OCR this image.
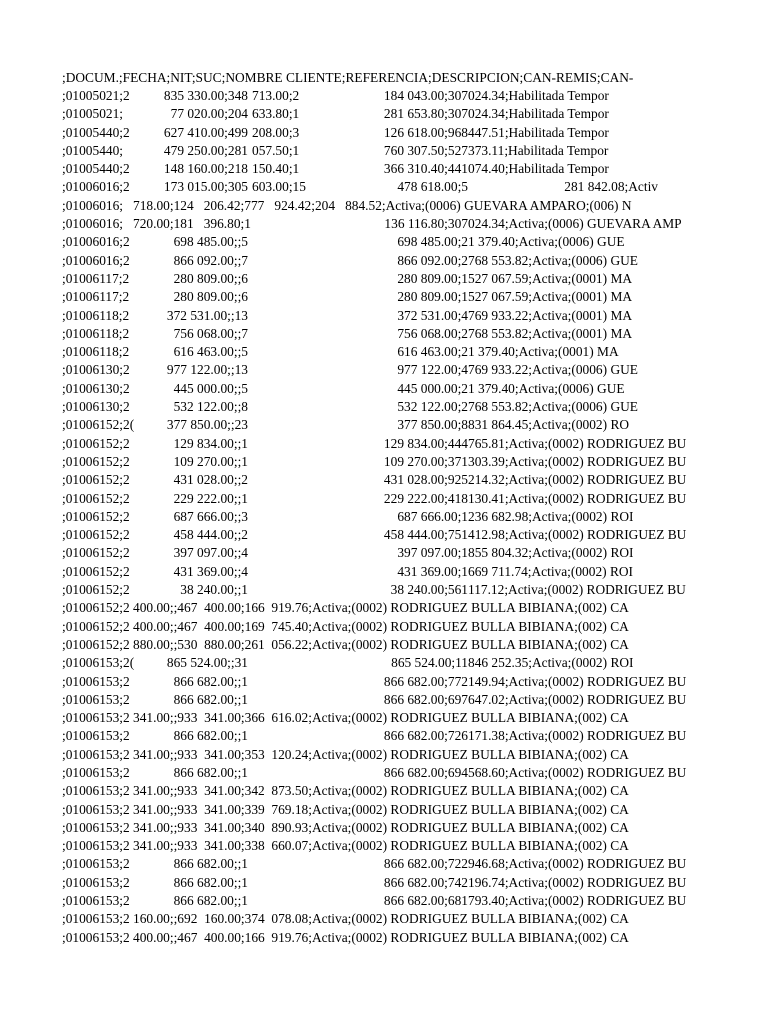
;DOCUM.;FECHA;NIT;SUC;NOMBRE CLIENTE;REFERENCIA;DESCRIPCION;CAN-REMIS;CAN-
;01005021;2	835 330.00;348 713.00;2	184 043.00;307 024.34;Habilitada Tempor
;01005021;	77 020.00;204 633.80;1	281 653.80;307 024.34;Habilitada Tempor
;01005440;2	627 410.00;499 208.00;3	126 618.00;968 447.51;Habilitada Tempor
;01005440;	479 250.00;281 057.50;1	760 307.50;527 373.11;Habilitada Tempor
;01005440;2	148 160.00;218 150.40;1	366 310.40;441 074.40;Habilitada Tempor
;01006016;2	173 015.00;305 603.00;15	478 618.00;5	281 842.08;Activ
;01006016;   718.00;124   206.42;777   924.42;204   884.52;Activa;(0006) GUEVARA AMPARO;(006) N
;01006016;   720.00;181   396.80;1	136 116.80;307 024.34;Activa;(0006) GUEVARA AMP
;01006016;2	698 485.00;;5	698 485.00;2 1 379.40;Activa;(0006) GUE
;01006016;2	866 092.00;;7	866 092.00;2 768 553.82;Activa;(0006) GUE
;01006117;2	280 809.00;;6	280 809.00;1 527 067.59;Activa;(0001) MA
;01006117;2	280 809.00;;6	280 809.00;1 527 067.59;Activa;(0001) MA
;01006118;2	372 531.00;;13	372 531.00;4 769 933.22;Activa;(0001) MA
;01006118;2	756 068.00;;7	756 068.00;2 768 553.82;Activa;(0001) MA
;01006118;2	616 463.00;;5	616 463.00;2 1 379.40;Activa;(0001) MA
;01006130;2	977 122.00;;13	977 122.00;4 769 933.22;Activa;(0006) GUE
;01006130;2	445 000.00;;5	445 000.00;2 1 379.40;Activa;(0006) GUE
;01006130;2	532 122.00;;8	532 122.00;2 768 553.82;Activa;(0006) GUE
;01006152;2(	377 850.00;;23	377 850.00;8 831 864.45;Activa;(0002) RO
;01006152;2	129 834.00;;1	129 834.00;444 765.81;Activa;(0002) RODRIGUEZ BU
;01006152;2	109 270.00;;1	109 270.00;371 303.39;Activa;(0002) RODRIGUEZ BU
;01006152;2	431 028.00;;2	431 028.00;925 214.32;Activa;(0002) RODRIGUEZ BU
;01006152;2	229 222.00;;1	229 222.00;418 130.41;Activa;(0002) RODRIGUEZ BU
;01006152;2	687 666.00;;3	687 666.00;1 236 682.98;Activa;(0002) ROI
;01006152;2	458 444.00;;2	458 444.00;751 412.98;Activa;(0002) RODRIGUEZ BU
;01006152;2	397 097.00;;4	397 097.00;1 855 804.32;Activa;(0002) ROI
;01006152;2	431 369.00;;4	431 369.00;1 669 711.74;Activa;(0002) ROI
;01006152;2	38 240.00;;1	38 240.00;561 117.12;Activa;(0002) RODRIGUEZ BU
;01006152;2 400.00;;467  400.00;166  919.76;Activa;(0002) RODRIGUEZ BULLA BIBIANA;(002) CA
;01006152;2 400.00;;467  400.00;169  745.40;Activa;(0002) RODRIGUEZ BULLA BIBIANA;(002) CA
;01006152;2 880.00;;530  880.00;261  056.22;Activa;(0002) RODRIGUEZ BULLA BIBIANA;(002) CA
;01006153;2(	865 524.00;;31	865 524.00;11 846 252.35;Activa;(0002) ROI
;01006153;2	866 682.00;;1	866 682.00;772 149.94;Activa;(0002) RODRIGUEZ BU
;01006153;2	866 682.00;;1	866 682.00;697 647.02;Activa;(0002) RODRIGUEZ BU
;01006153;2 341.00;;933  341.00;366  616.02;Activa;(0002) RODRIGUEZ BULLA BIBIANA;(002) CA
;01006153;2	866 682.00;;1	866 682.00;726 171.38;Activa;(0002) RODRIGUEZ BU
;01006153;2 341.00;;933  341.00;353  120.24;Activa;(0002) RODRIGUEZ BULLA BIBIANA;(002) CA
;01006153;2	866 682.00;;1	866 682.00;694 568.60;Activa;(0002) RODRIGUEZ BU
;01006153;2 341.00;;933  341.00;342  873.50;Activa;(0002) RODRIGUEZ BULLA BIBIANA;(002) CA
;01006153;2 341.00;;933  341.00;339  769.18;Activa;(0002) RODRIGUEZ BULLA BIBIANA;(002) CA
;01006153;2 341.00;;933  341.00;340  890.93;Activa;(0002) RODRIGUEZ BULLA BIBIANA;(002) CA
;01006153;2 341.00;;933  341.00;338  660.07;Activa;(0002) RODRIGUEZ BULLA BIBIANA;(002) CA
;01006153;2	866 682.00;;1	866 682.00;722 946.68;Activa;(0002) RODRIGUEZ BU
;01006153;2	866 682.00;;1	866 682.00;742 196.74;Activa;(0002) RODRIGUEZ BU
;01006153;2	866 682.00;;1	866 682.00;681 793.40;Activa;(0002) RODRIGUEZ BU
;01006153;2 160.00;;692  160.00;374  078.08;Activa;(0002) RODRIGUEZ BULLA BIBIANA;(002) CA
;01006153;2 400.00;;467  400.00;166  919.76;Activa;(0002) RODRIGUEZ BULLA BIBIANA;(002) CA
